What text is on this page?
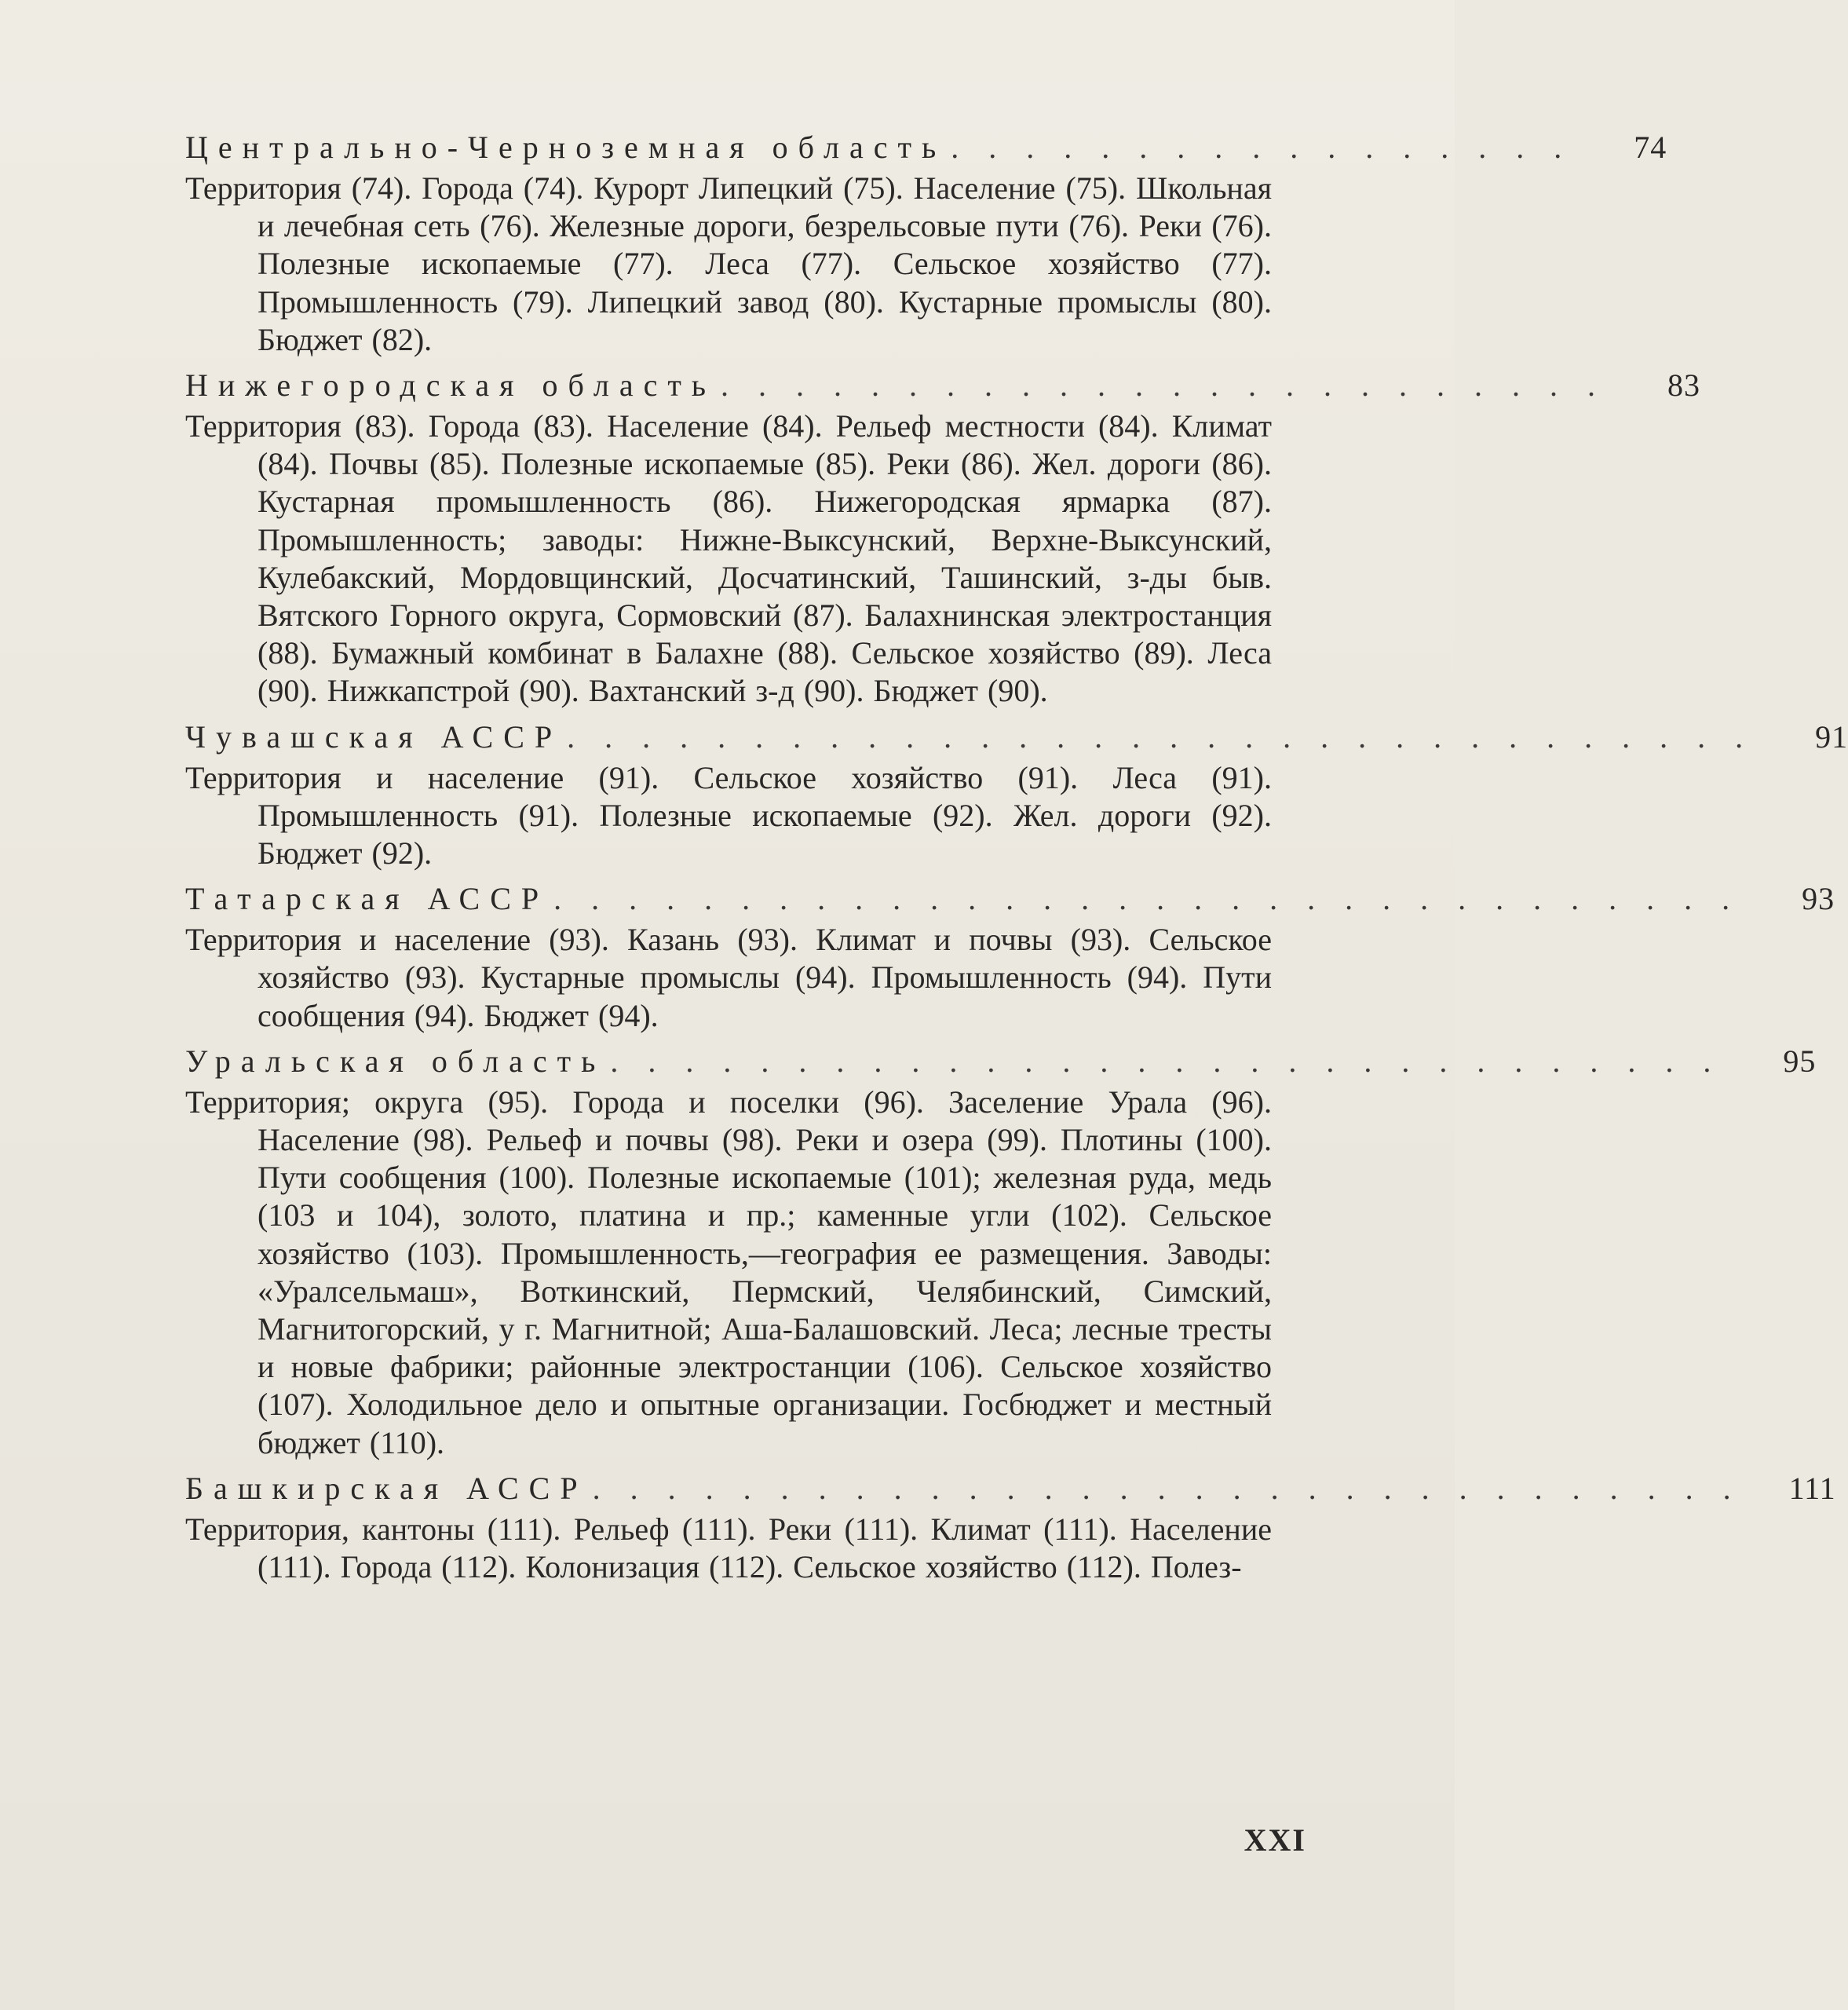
Центрально-Черноземная область . . . . . . . . . . . . . . . . .	74
Территория (74). Города (74). Курорт Липецкий (75). Население (75). Школьная и лечебная сеть (76). Железные дороги, безрельсовые пути (76). Реки (76). Полезные ископаемые (77). Леса (77). Сельское хозяйство (77). Промышленность (79). Липецкий завод (80). Кустарные промыслы (80). Бюджет (82).
Нижегородская область . . . . . . . . . . . . . . . . . . . . . . . .	83
Территория (83). Города (83). Население (84). Рельеф местности (84). Климат (84). Почвы (85). Полезные ископаемые (85). Реки (86). Жел. дороги (86). Кустарная промышленность (86). Нижегородская ярмарка (87). Промышленность; заводы: Нижне-Выксунский, Верхне-Выксунский, Кулебакский, Мордовщинский, Досчатинский, Ташинский, з-ды быв. Вятского Горного округа, Сормовский (87). Балахнинская электростанция (88). Бумажный комбинат в Балахне (88). Сельское хозяйство (89). Леса (90). Нижкапстрой (90). Вахтанский з-д (90). Бюджет (90).
Чувашская АССР . . . . . . . . . . . . . . . . . . . . . . . . . . . . . . . .	91
Территория и население (91). Сельское хозяйство (91). Леса (91). Промышленность (91). Полезные ископаемые (92). Жел. дороги (92). Бюджет (92).
Татарская АССР . . . . . . . . . . . . . . . . . . . . . . . . . . . . . . . .	93
Территория и население (93). Казань (93). Климат и почвы (93). Сельское хозяйство (93). Кустарные промыслы (94). Промышленность (94). Пути сообщения (94). Бюджет (94).
Уральская область . . . . . . . . . . . . . . . . . . . . . . . . . . . . . .	95
Территория; округа (95). Города и поселки (96). Заселение Урала (96). Население (98). Рельеф и почвы (98). Реки и озера (99). Плотины (100). Пути сообщения (100). Полезные ископаемые (101); железная руда, медь (103 и 104), золото, платина и пр.; каменные угли (102). Сельское хозяйство (103). Промышленность,—география ее размещения. Заводы: «Уралсельмаш», Воткинский, Пермский, Челябинский, Симский, Магнитогорский, у г. Магнитной; Аша-Балашовский. Леса; лесные тресты и новые фабрики; районные электростанции (106). Сельское хозяйство (107). Холодильное дело и опытные организации. Госбюджет и местный бюджет (110).
Башкирская АССР . . . . . . . . . . . . . . . . . . . . . . . . . . . . . . .	111
Территория, кантоны (111). Рельеф (111). Реки (111). Климат (111). Население (111). Города (112). Колонизация (112). Сельское хозяйство (112). Полез-
XXI
